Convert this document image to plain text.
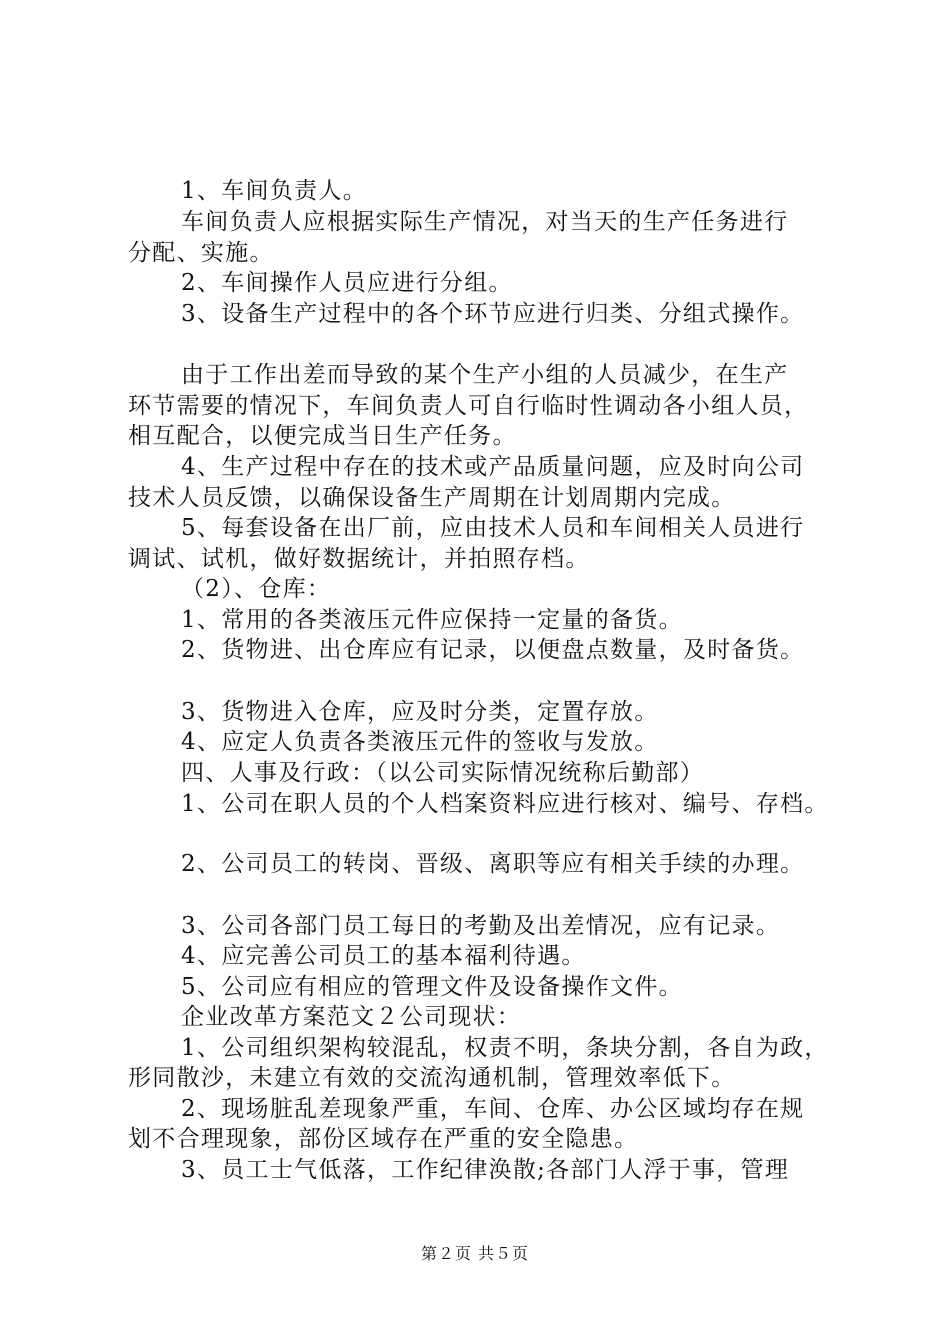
1、车间负责人。
车间负责人应根据实际生产情况，对当天的生产任务进行
分配、实施。
2、车间操作人员应进行分组。
3、设备生产过程中的各个环节应进行归类、分组式操作。
由于工作出差而导致的某个生产小组的人员减少，在生产
环节需要的情况下，车间负责人可自行临时性调动各小组人员，
相互配合，以便完成当日生产任务。
4、生产过程中存在的技术或产品质量问题，应及时向公司
技术人员反馈，以确保设备生产周期在计划周期内完成。
5、每套设备在出厂前，应由技术人员和车间相关人员进行
调试、试机，做好数据统计，并拍照存档。
（2）、仓库：
1、常用的各类液压元件应保持一定量的备货。
2、货物进、出仓库应有记录，以便盘点数量，及时备货。
3、货物进入仓库，应及时分类，定置存放。
4、应定人负责各类液压元件的签收与发放。
四、人事及行政：（以公司实际情况统称后勤部）
1、公司在职人员的个人档案资料应进行核对、编号、存档。
2、公司员工的转岗、晋级、离职等应有相关手续的办理。
3、公司各部门员工每日的考勤及出差情况，应有记录。
4、应完善公司员工的基本福利待遇。
5、公司应有相应的管理文件及设备操作文件。
企业改革方案范文２公司现状：
1、公司组织架构较混乱，权责不明，条块分割，各自为政，
形同散沙，未建立有效的交流沟通机制，管理效率低下。
2、现场脏乱差现象严重，车间、仓库、办公区域均存在规
划不合理现象，部份区域存在严重的安全隐患。
3、员工士气低落，工作纪律涣散;各部门人浮于事，管理
第２页 共５页
